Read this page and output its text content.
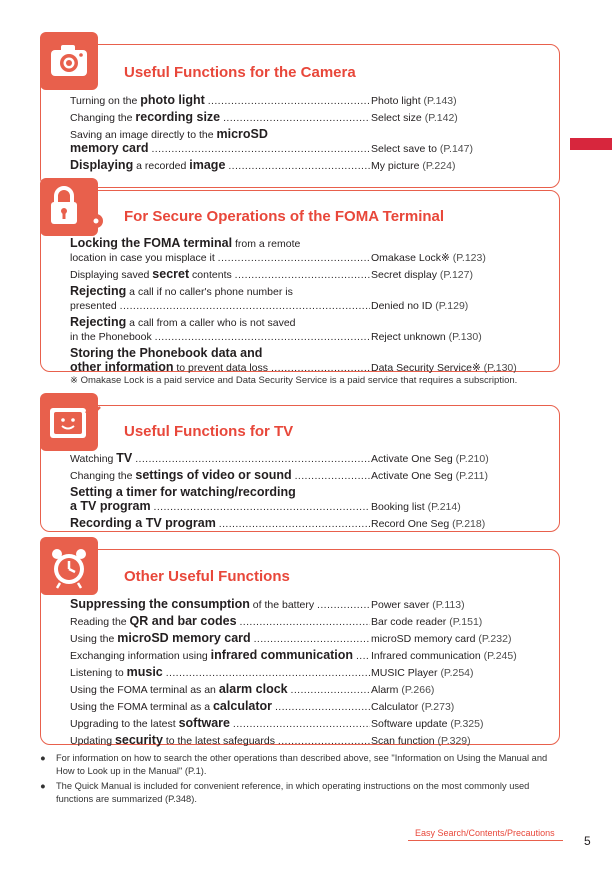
Useful Functions for the Camera
Turning on the photo light .....	Photo light (P.143)
Changing the recording size .....	Select size (P.142)
Saving an image directly to the microSD
memory card .....	Select save to (P.147)
Displaying a recorded image .....	My picture (P.224)
For Secure Operations of the FOMA Terminal
Locking the FOMA terminal from a remote
location in case you misplace it .....	Omakase Lock※ (P.123)
Displaying saved secret contents .....	Secret display (P.127)
Rejecting a call if no caller's phone number is
presented .....	Denied no ID (P.129)
Rejecting a call from a caller who is not saved
in the Phonebook .....	Reject unknown (P.130)
Storing the Phonebook data and
other information to prevent data loss .....	Data Security Service※ (P.130)
※ Omakase Lock is a paid service and Data Security Service is a paid service that requires a subscription.
Useful Functions for TV
Watching TV .....	Activate One Seg (P.210)
Changing the settings of video or sound .....	Activate One Seg (P.211)
Setting a timer for watching/recording
a TV program .....	Booking list (P.214)
Recording a TV program .....	Record One Seg (P.218)
Other Useful Functions
Suppressing the consumption of the battery .....	Power saver (P.113)
Reading the QR and bar codes .....	Bar code reader (P.151)
Using the microSD memory card .....	microSD memory card (P.232)
Exchanging information using infrared communication .....	Infrared communication (P.245)
Listening to music .....	MUSIC Player (P.254)
Using the FOMA terminal as an alarm clock .....	Alarm (P.266)
Using the FOMA terminal as a calculator .....	Calculator (P.273)
Upgrading to the latest software .....	Software update (P.325)
Updating security to the latest safeguards .....	Scan function (P.329)
● For information on how to search the other operations than described above, see "Information on Using the Manual and How to Look up in the Manual" (P.1).
● The Quick Manual is included for convenient reference, in which operating instructions on the most commonly used functions are summarized (P.348).
Easy Search/Contents/Precautions
5
